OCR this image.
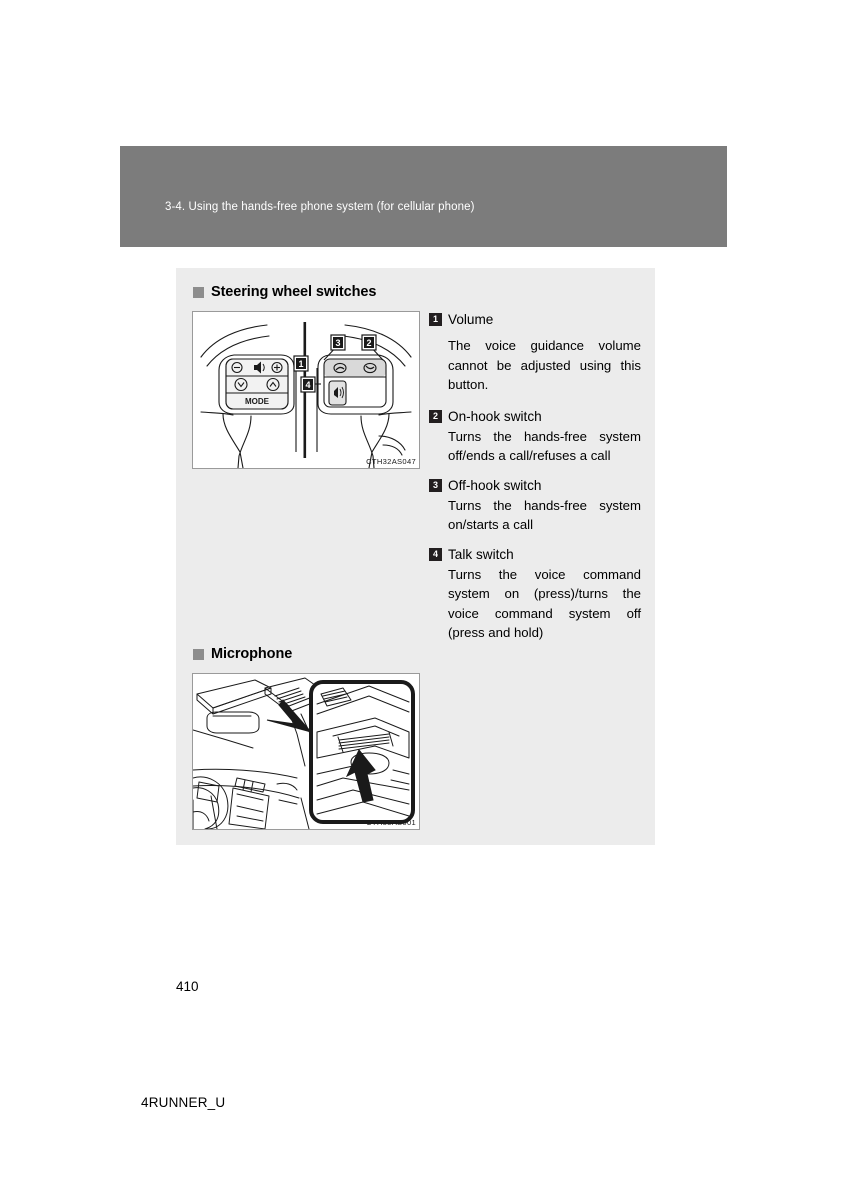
3-4. Using the hands-free phone system (for cellular phone)
Steering wheel switches
MODE
1
3	2
4
CTH32AS047
1 Volume
The voice guidance volume cannot be adjusted using this button.
2 On-hook switch
Turns the hands-free system off/ends a call/refuses a call
3 Off-hook switch
Turns the hands-free system on/starts a call
4 Talk switch
Turns the voice command system on (press)/turns the voice command system off (press and hold)
Microphone
CTH33AS001
410
4RUNNER_U
